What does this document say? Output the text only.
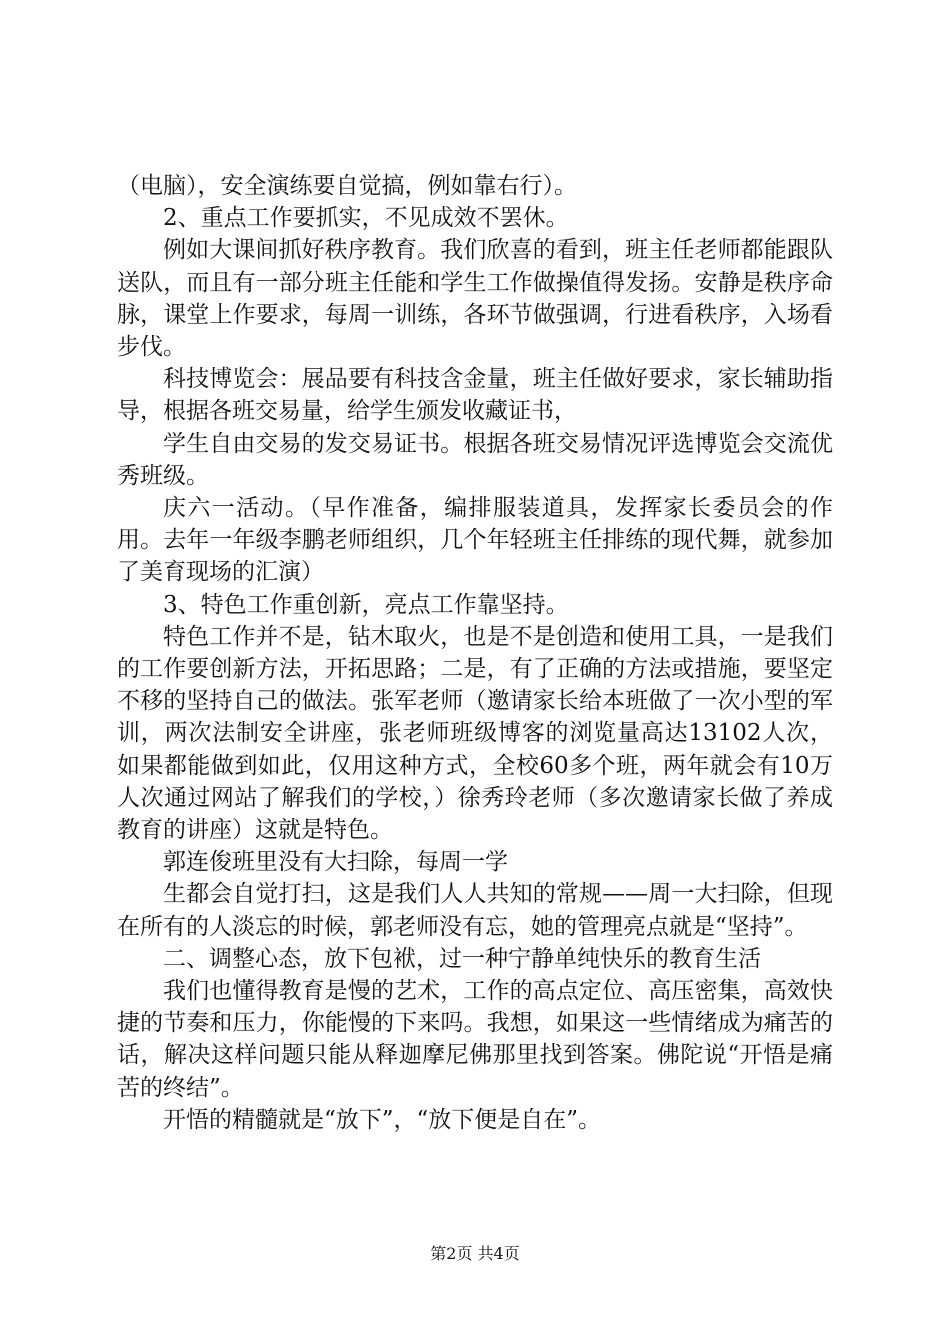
（电脑），安全演练要自觉搞，例如靠右行）。

2、重点工作要抓实，不见成效不罢休。

例如大课间抓好秩序教育。我们欣喜的看到，班主任老师都能跟队送队，而且有一部分班主任能和学生工作做操值得发扬。安静是秩序命脉，课堂上作要求，每周一训练，各环节做强调，行进看秩序，入场看步伐。

科技博览会：展品要有科技含金量，班主任做好要求，家长辅助指导，根据各班交易量，给学生颁发收藏证书，

学生自由交易的发交易证书。根据各班交易情况评选博览会交流优秀班级。

庆六一活动。（早作准备，编排服装道具，发挥家长委员会的作用。去年一年级李鹏老师组织，几个年轻班主任排练的现代舞，就参加了美育现场的汇演）

3、特色工作重创新，亮点工作靠坚持。

特色工作并不是，钻木取火，也是不是创造和使用工具，一是我们的工作要创新方法，开拓思路；二是，有了正确的方法或措施，要坚定不移的坚持自己的做法。张军老师（邀请家长给本班做了一次小型的军训，两次法制安全讲座，张老师班级博客的浏览量高达13102人次，如果都能做到如此，仅用这种方式，全校60多个班，两年就会有10万人次通过网站了解我们的学校，）徐秀玲老师（多次邀请家长做了养成教育的讲座）这就是特色。

郭连俊班里没有大扫除，每周一学

生都会自觉打扫，这是我们人人共知的常规——周一大扫除，但现在所有的人淡忘的时候，郭老师没有忘，她的管理亮点就是“坚持”。

二、调整心态，放下包袱，过一种宁静单纯快乐的教育生活

我们也懂得教育是慢的艺术，工作的高点定位、高压密集，高效快捷的节奏和压力，你能慢的下来吗。我想，如果这一些情绪成为痛苦的话，解决这样问题只能从释迦摩尼佛那里找到答案。佛陀说“开悟是痛苦的终结”。

开悟的精髓就是“放下”，“放下便是自在”。

第2页 共4页
